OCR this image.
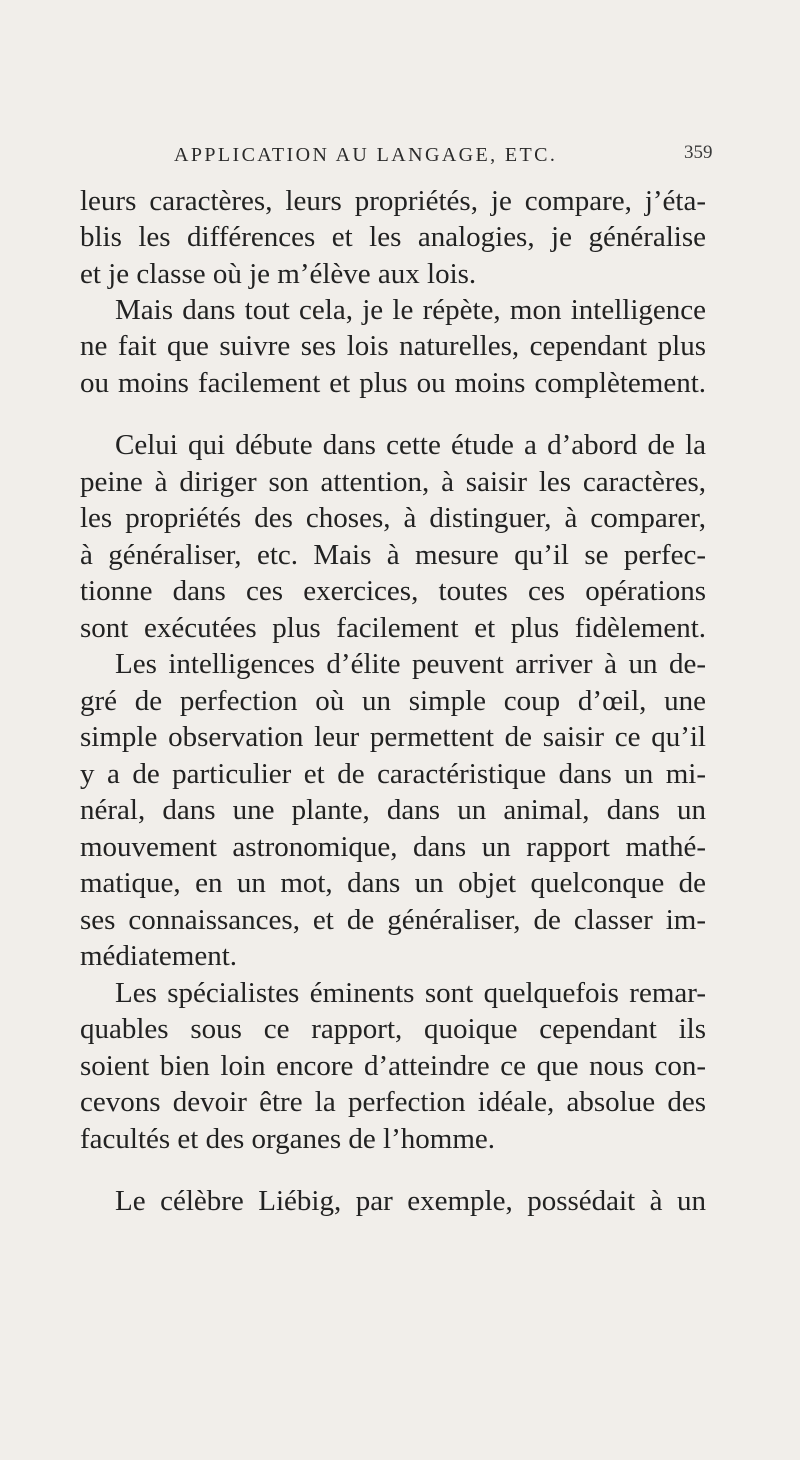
APPLICATION AU LANGAGE, ETC.	359
leurs caractères, leurs propriétés, je compare, j’éta-
blis les différences et les analogies, je généralise
et je classe où je m’élève aux lois.
Mais dans tout cela, je le répète, mon intelligence
ne fait que suivre ses lois naturelles, cependant plus
ou moins facilement et plus ou moins complètement.
Celui qui débute dans cette étude a d’abord de la
peine à diriger son attention, à saisir les caractères,
les propriétés des choses, à distinguer, à comparer,
à généraliser, etc. Mais à mesure qu’il se perfec-
tionne dans ces exercices, toutes ces opérations
sont exécutées plus facilement et plus fidèlement.
Les intelligences d’élite peuvent arriver à un de-
gré de perfection où un simple coup d’œil, une
simple observation leur permettent de saisir ce qu’il
y a de particulier et de caractéristique dans un mi-
néral, dans une plante, dans un animal, dans un
mouvement astronomique, dans un rapport mathé-
matique, en un mot, dans un objet quelconque de
ses connaissances, et de généraliser, de classer im-
médiatement.
Les spécialistes éminents sont quelquefois remar-
quables sous ce rapport, quoique cependant ils
soient bien loin encore d’atteindre ce que nous con-
cevons devoir être la perfection idéale, absolue des
facultés et des organes de l’homme.
Le célèbre Liébig, par exemple, possédait à un
